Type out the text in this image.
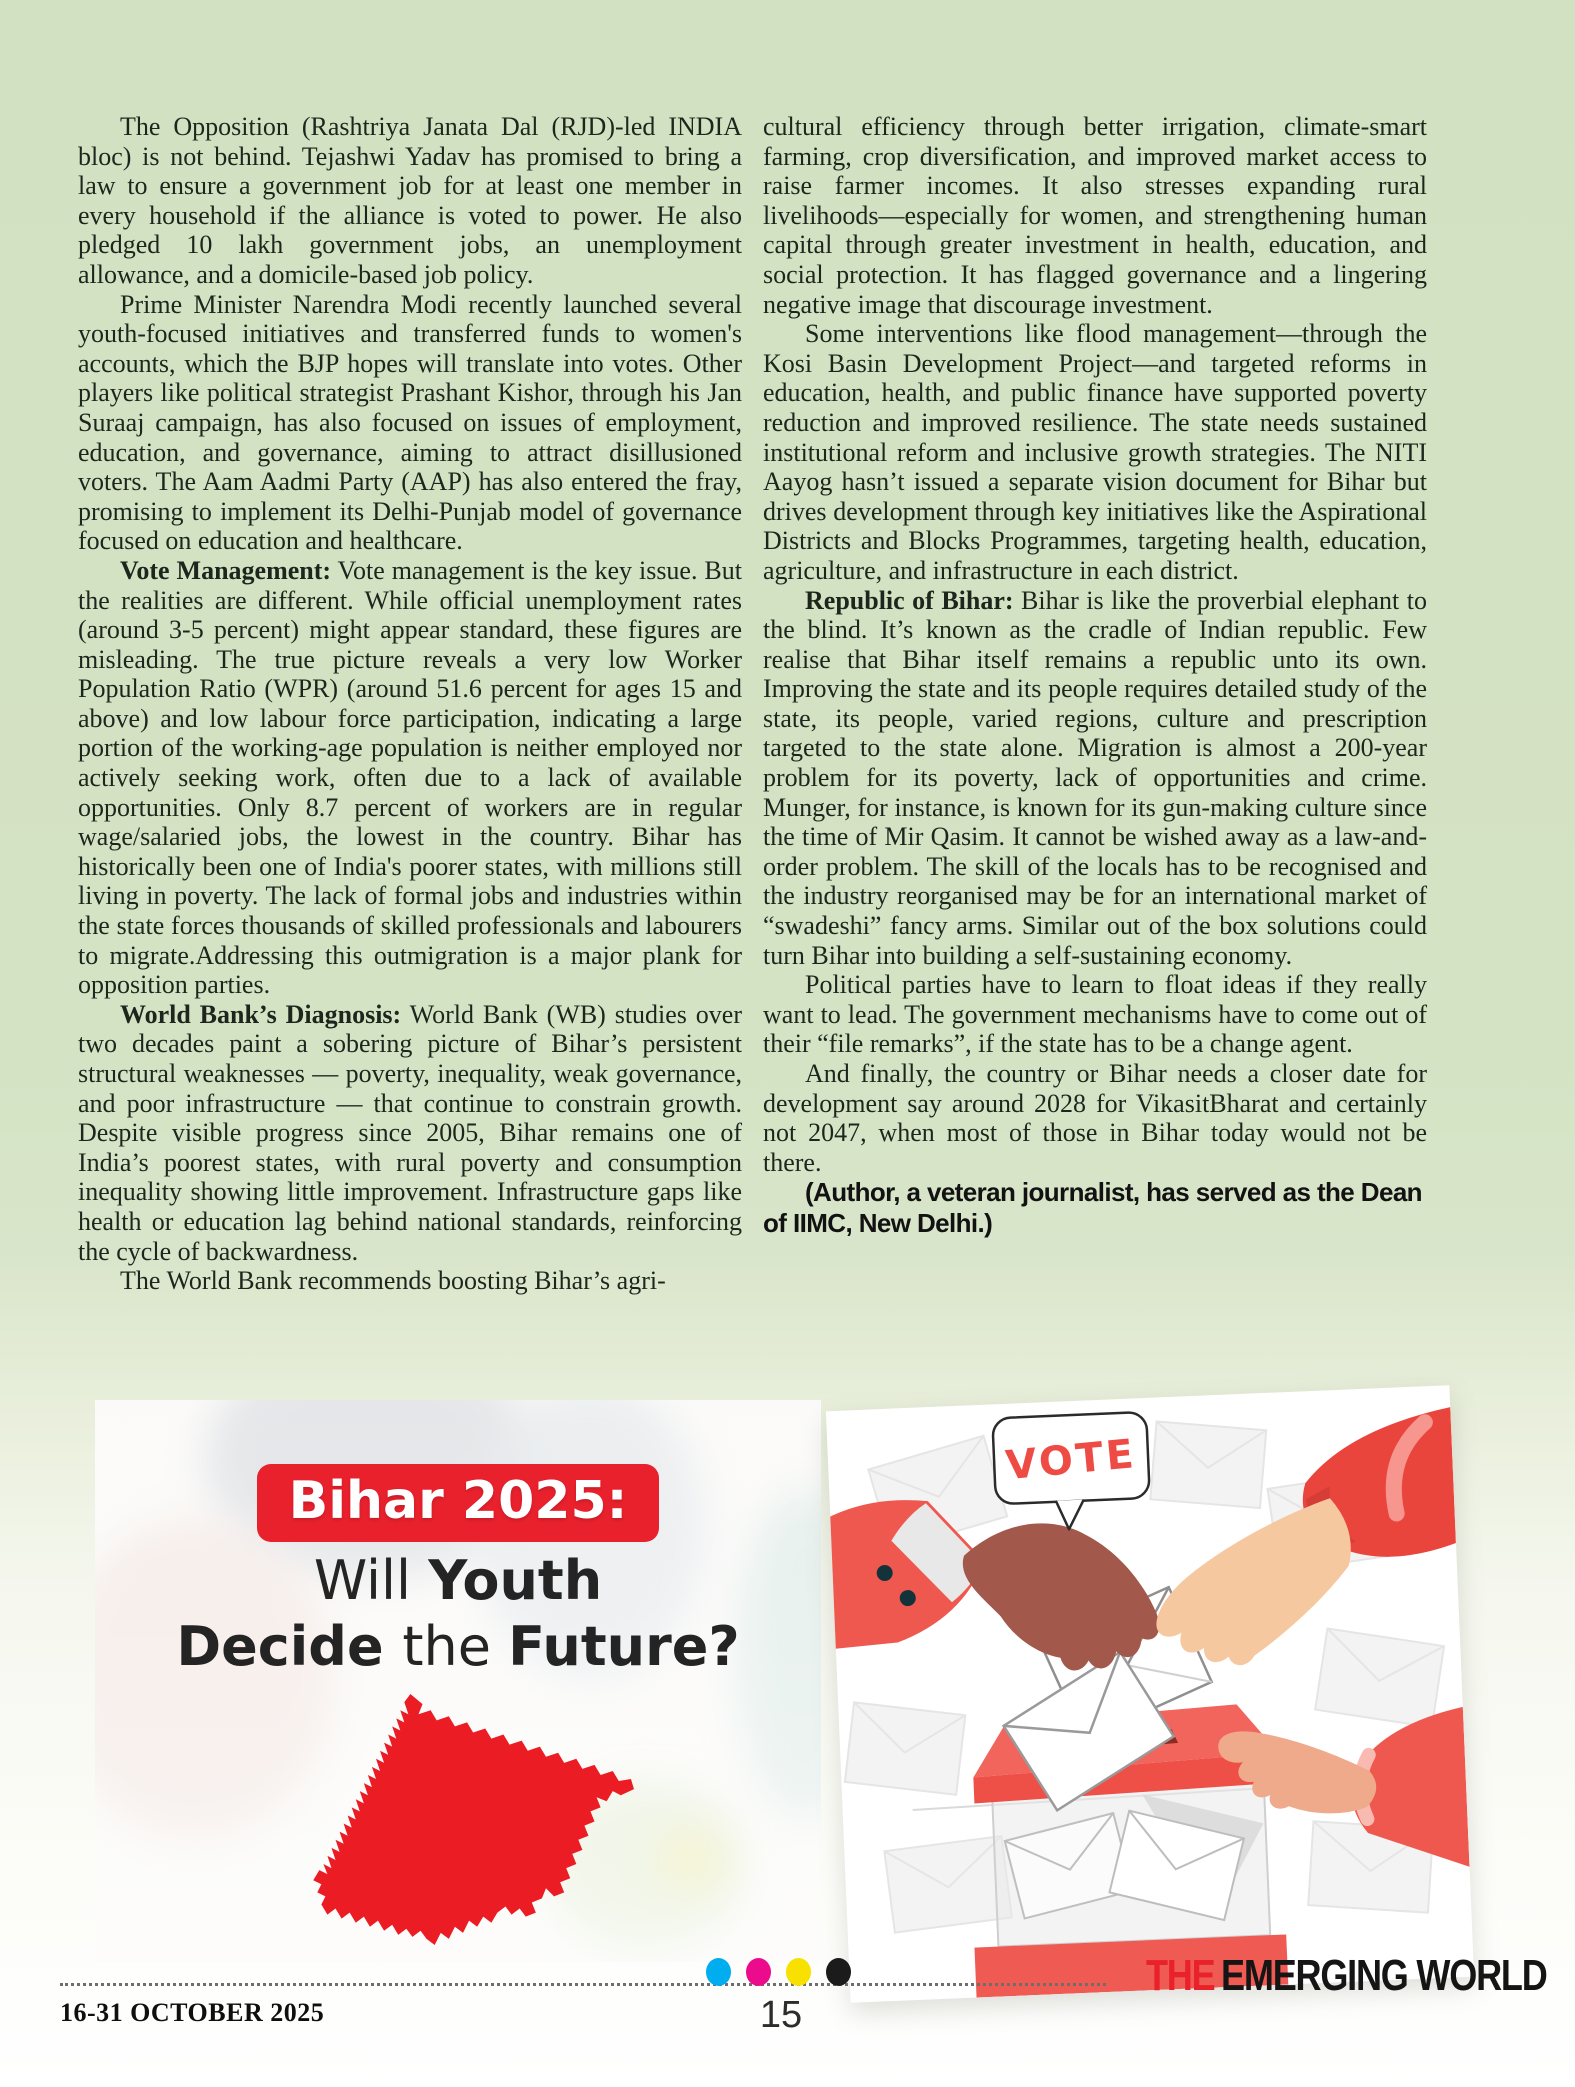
The Opposition (Rashtriya Janata Dal (RJD)-led INDIA bloc) is not behind. Tejashwi Yadav has promised to bring a law to ensure a government job for at least one member in every household if the alliance is voted to power. He also pledged 10 lakh government jobs, an unemployment allowance, and a domicile-based job policy.

Prime Minister Narendra Modi recently launched several youth-focused initiatives and transferred funds to women's accounts, which the BJP hopes will translate into votes. Other players like political strategist Prashant Kishor, through his Jan Suraaj campaign, has also focused on issues of employment, education, and governance, aiming to attract disillusioned voters. The Aam Aadmi Party (AAP) has also entered the fray, promising to implement its Delhi-Punjab model of governance focused on education and healthcare.

Vote Management: Vote management is the key issue. But the realities are different. While official unemployment rates (around 3-5 percent) might appear standard, these figures are misleading. The true picture reveals a very low Worker Population Ratio (WPR) (around 51.6 percent for ages 15 and above) and low labour force participation, indicating a large portion of the working-age population is neither employed nor actively seeking work, often due to a lack of available opportunities. Only 8.7 percent of workers are in regular wage/salaried jobs, the lowest in the country. Bihar has historically been one of India's poorer states, with millions still living in poverty. The lack of formal jobs and industries within the state forces thousands of skilled professionals and labourers to migrate.Addressing this outmigration is a major plank for opposition parties.

World Bank’s Diagnosis: World Bank (WB) studies over two decades paint a sobering picture of Bihar’s persistent structural weaknesses — poverty, inequality, weak governance, and poor infrastructure — that continue to constrain growth. Despite visible progress since 2005, Bihar remains one of India’s poorest states, with rural poverty and consumption inequality showing little improvement. Infrastructure gaps like health or education lag behind national standards, reinforcing the cycle of backwardness.

The World Bank recommends boosting Bihar’s agri-

cultural efficiency through better irrigation, climate-smart farming, crop diversification, and improved market access to raise farmer incomes. It also stresses expanding rural livelihoods—especially for women, and strengthening human capital through greater investment in health, education, and social protection. It has flagged governance and a lingering negative image that discourage investment.

Some interventions like flood management—through the Kosi Basin Development Project—and targeted reforms in education, health, and public finance have supported poverty reduction and improved resilience. The state needs sustained institutional reform and inclusive growth strategies. The NITI Aayog hasn’t issued a separate vision document for Bihar but drives development through key initiatives like the Aspirational Districts and Blocks Programmes, targeting health, education, agriculture, and infrastructure in each district.

Republic of Bihar: Bihar is like the proverbial elephant to the blind. It’s known as the cradle of Indian republic. Few realise that Bihar itself remains a republic unto its own. Improving the state and its people requires detailed study of the state, its people, varied regions, culture and prescription targeted to the state alone. Migration is almost a 200-year problem for its poverty, lack of opportunities and crime. Munger, for instance, is known for its gun-making culture since the time of Mir Qasim. It cannot be wished away as a law-and-order problem. The skill of the locals has to be recognised and the industry reorganised may be for an international market of “swadeshi” fancy arms. Similar out of the box solutions could turn Bihar into building a self-sustaining economy.

Political parties have to learn to float ideas if they really want to lead. The government mechanisms have to come out of their “file remarks”, if the state has to be a change agent.

And finally, the country or Bihar needs a closer date for development say around 2028 for VikasitBharat and certainly not 2047, when most of those in Bihar today would not be there.

(Author, a veteran journalist, has served as the Dean of IIMC, New Delhi.)

Bihar 2025:
Will Youth
Decide the Future?
VOTE
16-31 OCTOBER 2025	15
THE EMERGING WORLD
